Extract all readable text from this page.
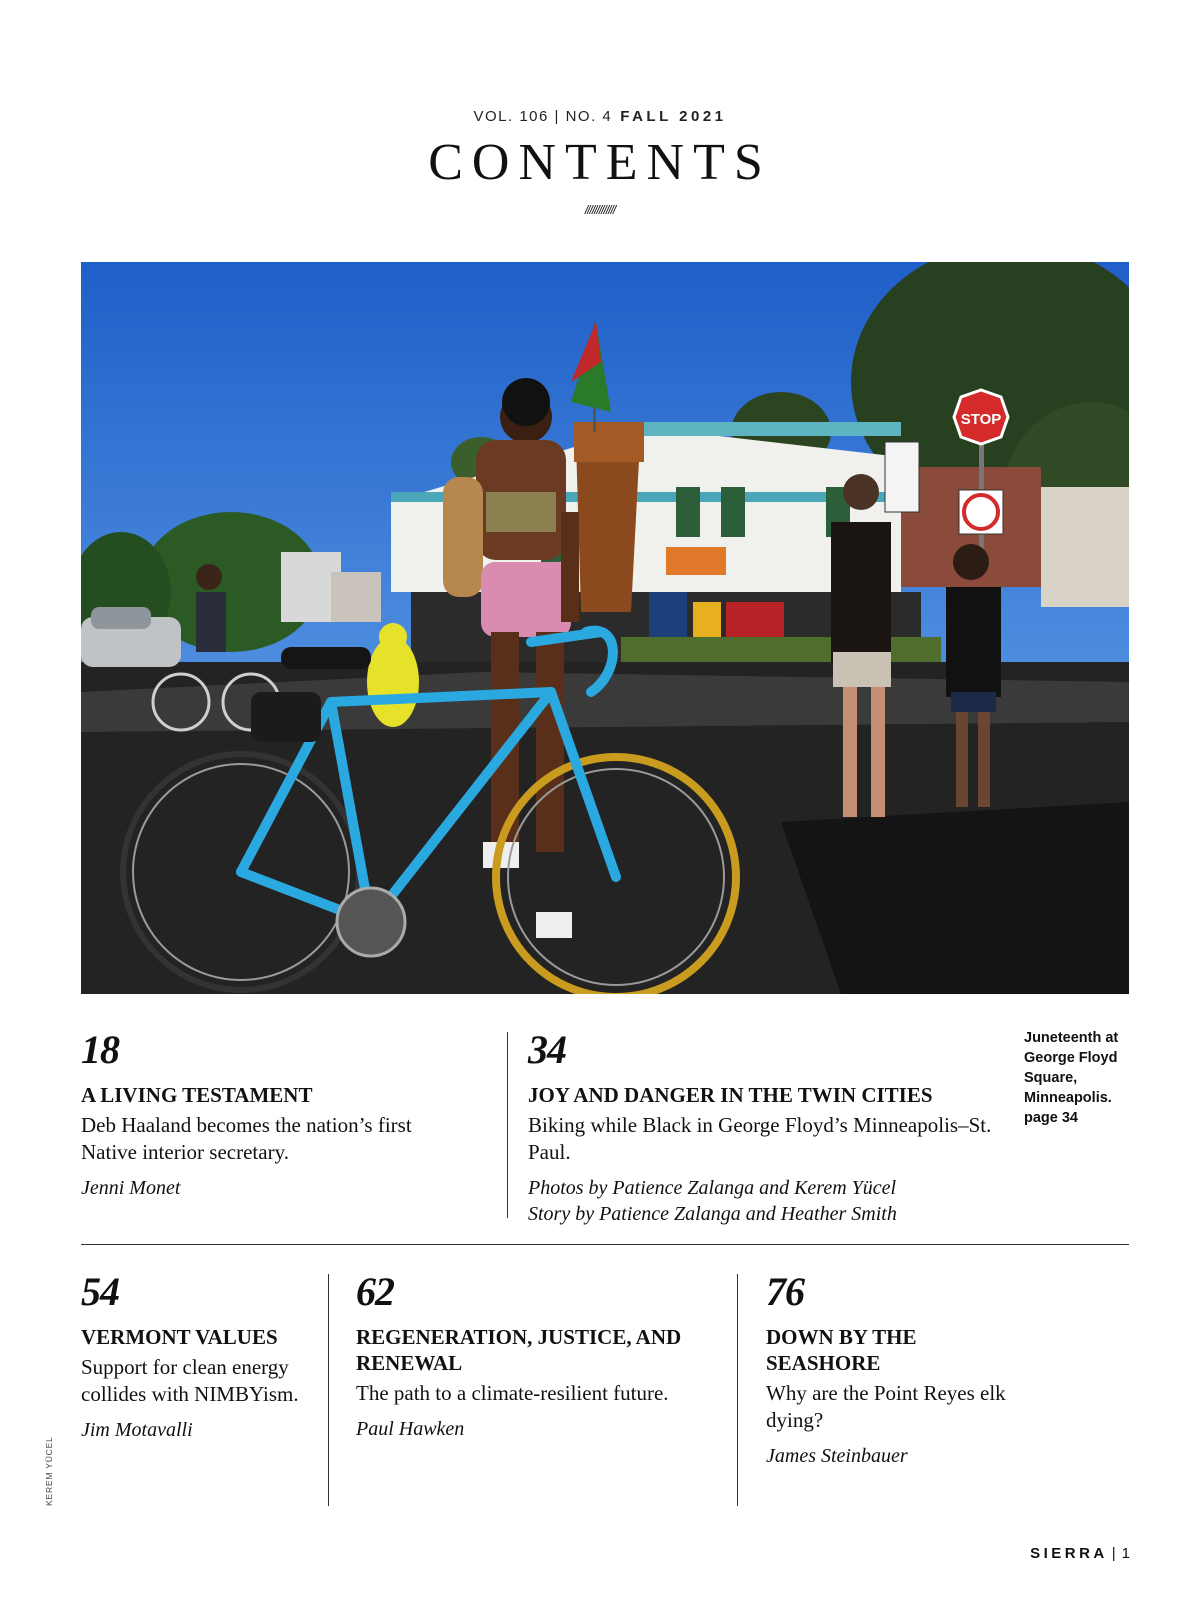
VOL. 106 | NO. 4 FALL 2021
CONTENTS
/////////////
STOP
18
A LIVING TESTAMENT
Deb Haaland becomes the nation’s first Native interior secretary.
Jenni Monet
34
JOY AND DANGER IN THE TWIN CITIES
Biking while Black in George Floyd’s Minneapolis–St. Paul.
Photos by Patience Zalanga and Kerem Yücel
Story by Patience Zalanga and Heather Smith
Juneteenth at George Floyd Square, Minneapolis.
page 34
54
VERMONT VALUES
Support for clean energy collides with NIMBYism.
Jim Motavalli
62
REGENERATION, JUSTICE, AND RENEWAL
The path to a climate-resilient future.
Paul Hawken
76
DOWN BY THE SEASHORE
Why are the Point Reyes elk dying?
James Steinbauer
KEREM YÜCEL
SIERRA | 1
